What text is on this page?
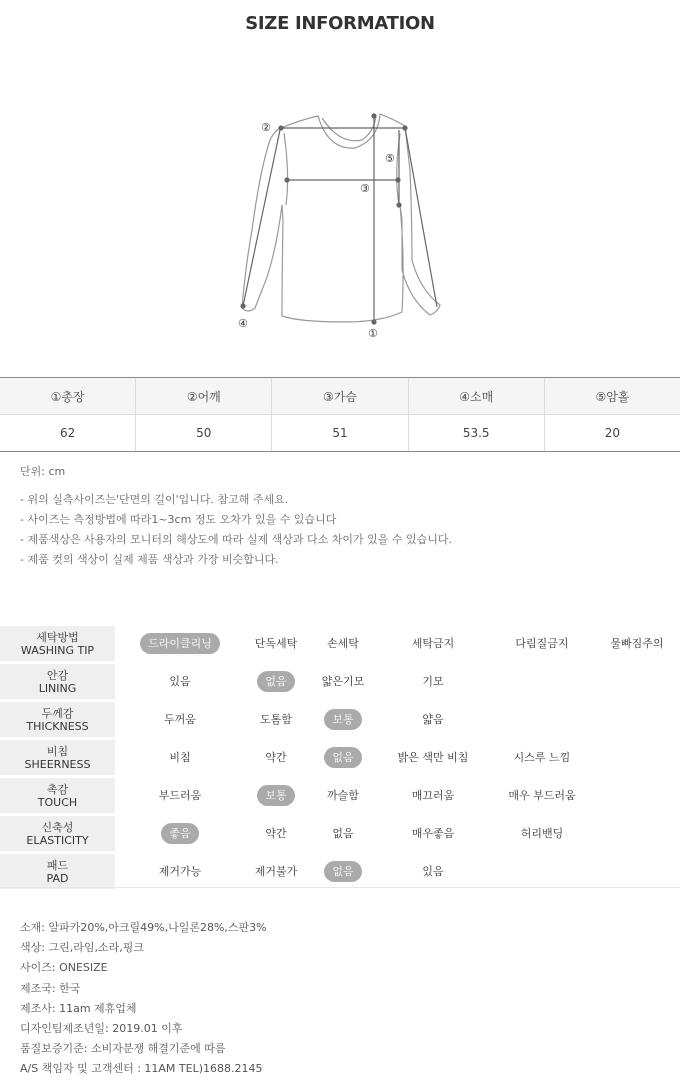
SIZE INFORMATION
②
⑤
③
④
①
①총장	②어깨	③가슴	④소매	⑤암홀
62	50	51	53.5	20
단위: cm
- 위의 실측사이즈는'단면의 길이'입니다. 참고해 주세요.
- 사이즈는 측정방법에 따라1~3cm 정도 오차가 있을 수 있습니다
- 제품색상은 사용자의 모니터의 해상도에 따라 실제 색상과 다소 차이가 있을 수 있습니다.
- 제품 컷의 색상이 실제 제품 색상과 가장 비슷합니다.
세탁방법
WASHING TIP	드라이클리닝	단독세탁	손세탁	세탁금지	다림질금지	물빠짐주의
안감
LINING	있음	없음	얇은기모	기모
두께감
THICKNESS	두꺼움	도톰함	보통	얇음
비침
SHEERNESS	비침	약간	없음	밝은 색만 비침	시스루 느낌
촉감
TOUCH	부드러움	보통	까슬함	매끄러움	매우 부드러움
신축성
ELASTICITY	좋음	약간	없음	매우좋음	허리밴딩
패드
PAD	제거가능	제거불가	없음	있음
소재: 알파카20%,아크릴49%,나일론28%,스판3%
색상: 그린,라임,소라,핑크
사이즈: ONESIZE
제조국: 한국
제조사: 11am 제휴업체
디자인팀제조년일: 2019.01 이후
품질보증기준: 소비자분쟁 해결기준에 따름
A/S 책임자 및 고객센터 : 11AM TEL)1688.2145
